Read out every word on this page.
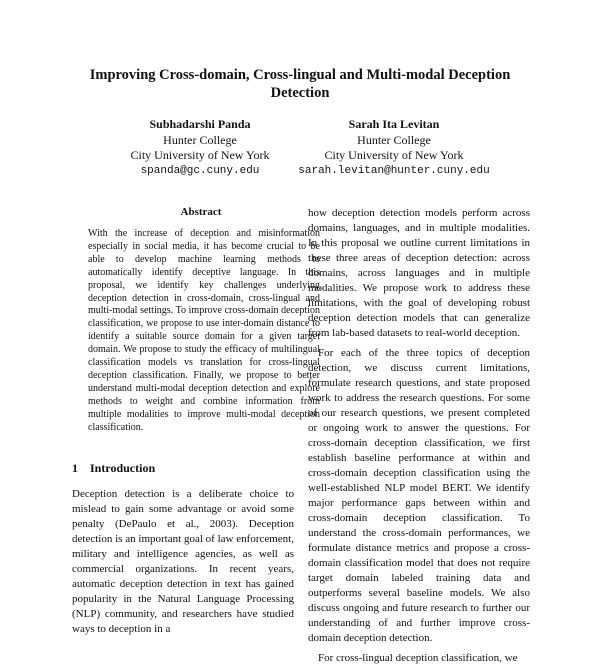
Improving Cross-domain, Cross-lingual and Multi-modal Deception Detection
Subhadarshi Panda
Hunter College
City University of New York
spanda@gc.cuny.edu
Sarah Ita Levitan
Hunter College
City University of New York
sarah.levitan@hunter.cuny.edu
Abstract
With the increase of deception and misinformation especially in social media, it has become crucial to be able to develop machine learning methods to automatically identify deceptive language. In this proposal, we identify key challenges underlying deception detection in cross-domain, cross-lingual and multi-modal settings. To improve cross-domain deception classification, we propose to use inter-domain distance to identify a suitable source domain for a given target domain. We propose to study the efficacy of multilingual classification models vs translation for cross-lingual deception classification. Finally, we propose to better understand multi-modal deception detection and explore methods to weight and combine information from multiple modalities to improve multi-modal deception classification.
1 Introduction

Deception detection is a deliberate choice to mislead to gain some advantage or avoid some penalty (DePaulo et al., 2003). Deception detection is an important goal of law enforcement, military and intelligence agencies, as well as commercial organizations. In recent years, automatic deception detection in text has gained popularity in the Natural Language Processing (NLP) community, and researchers have studied ways to deception in a

how deception detection models perform across domains, languages, and in multiple modalities. In this proposal we outline current limitations in these three areas of deception detection: across domains, across languages and in multiple modalities. We propose work to address these limitations, with the goal of developing robust deception detection models that can generalize from lab-based datasets to real-world deception.

For each of the three topics of deception detection, we discuss current limitations, formulate research questions, and state proposed work to address the research questions. For some of our research questions, we present completed or ongoing work to answer the questions. For cross-domain deception classification, we first establish baseline performance at within and cross-domain deception classification using the well-established NLP model BERT. We identify major performance gaps between within and cross-domain deception classification. To understand the cross-domain performances, we formulate distance metrics and propose a cross-domain classification model that does not require target domain labeled training data and outperforms several baseline models. We also discuss ongoing and future research to further our understanding of and further improve cross-domain deception detection.

For cross-lingual deception classification, we
